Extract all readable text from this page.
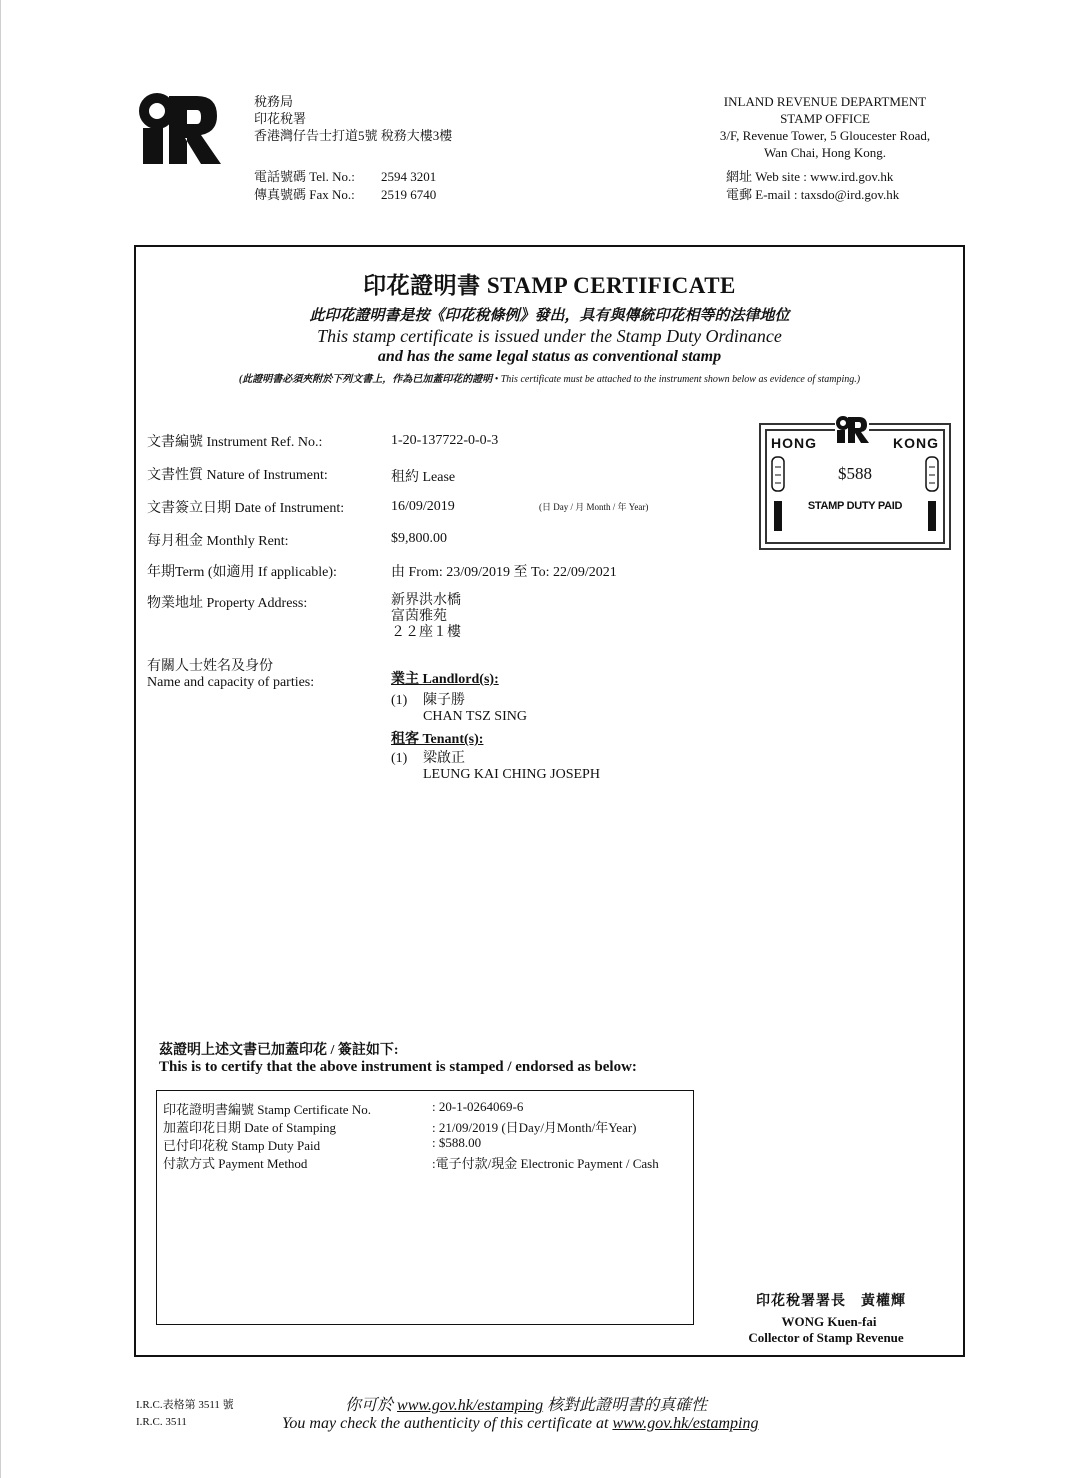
稅務局
印花稅署
香港灣仔告士打道5號 稅務大樓3樓
電話號碼 Tel. No.: 2594 3201
傳真號碼 Fax No.: 2519 6740
INLAND REVENUE DEPARTMENT
STAMP OFFICE
3/F, Revenue Tower, 5 Gloucester Road,
Wan Chai, Hong Kong.
網址 Web site : www.ird.gov.hk
電郵 E-mail : taxsdo@ird.gov.hk
印花證明書 STAMP CERTIFICATE
此印花證明書是按《印花稅條例》發出，具有與傳統印花相等的法律地位
This stamp certificate is issued under the Stamp Duty Ordinance
and has the same legal status as conventional stamp
(此證明書必須夾附於下列文書上，作為已加蓋印花的證明 • This certificate must be attached to the instrument shown below as evidence of stamping.)
文書編號 Instrument Ref. No.:	1-20-137722-0-0-3
文書性質 Nature of Instrument:	租約 Lease
文書簽立日期 Date of Instrument:	16/09/2019	(日 Day / 月 Month / 年 Year)
每月租金 Monthly Rent:	$9,800.00
年期Term (如適用 If applicable):	由 From: 23/09/2019 至 To: 22/09/2021
物業地址 Property Address:	新界洪水橋
富茵雅苑
２２座１樓
有關人士姓名及身份
Name and capacity of parties:	業主 Landlord(s):
(1) 陳子勝
CHAN TSZ SING
租客 Tenant(s):
(1) 梁啟正
LEUNG KAI CHING JOSEPH
HONG	KONG
$588
STAMP DUTY PAID
茲證明上述文書已加蓋印花 / 簽註如下:
This is to certify that the above instrument is stamped / endorsed as below:
印花證明書編號 Stamp Certificate No.	: 20-1-0264069-6
加蓋印花日期 Date of Stamping	: 21/09/2019 (日Day/月Month/年Year)
已付印花稅 Stamp Duty Paid	: $588.00
付款方式 Payment Method	:電子付款/現金 Electronic Payment / Cash
印花稅署署長　黃權輝
WONG Kuen-fai
Collector of Stamp Revenue
I.R.C.表格第 3511 號
I.R.C. 3511
你可於 www.gov.hk/estamping 核對此證明書的真確性
You may check the authenticity of this certificate at www.gov.hk/estamping
